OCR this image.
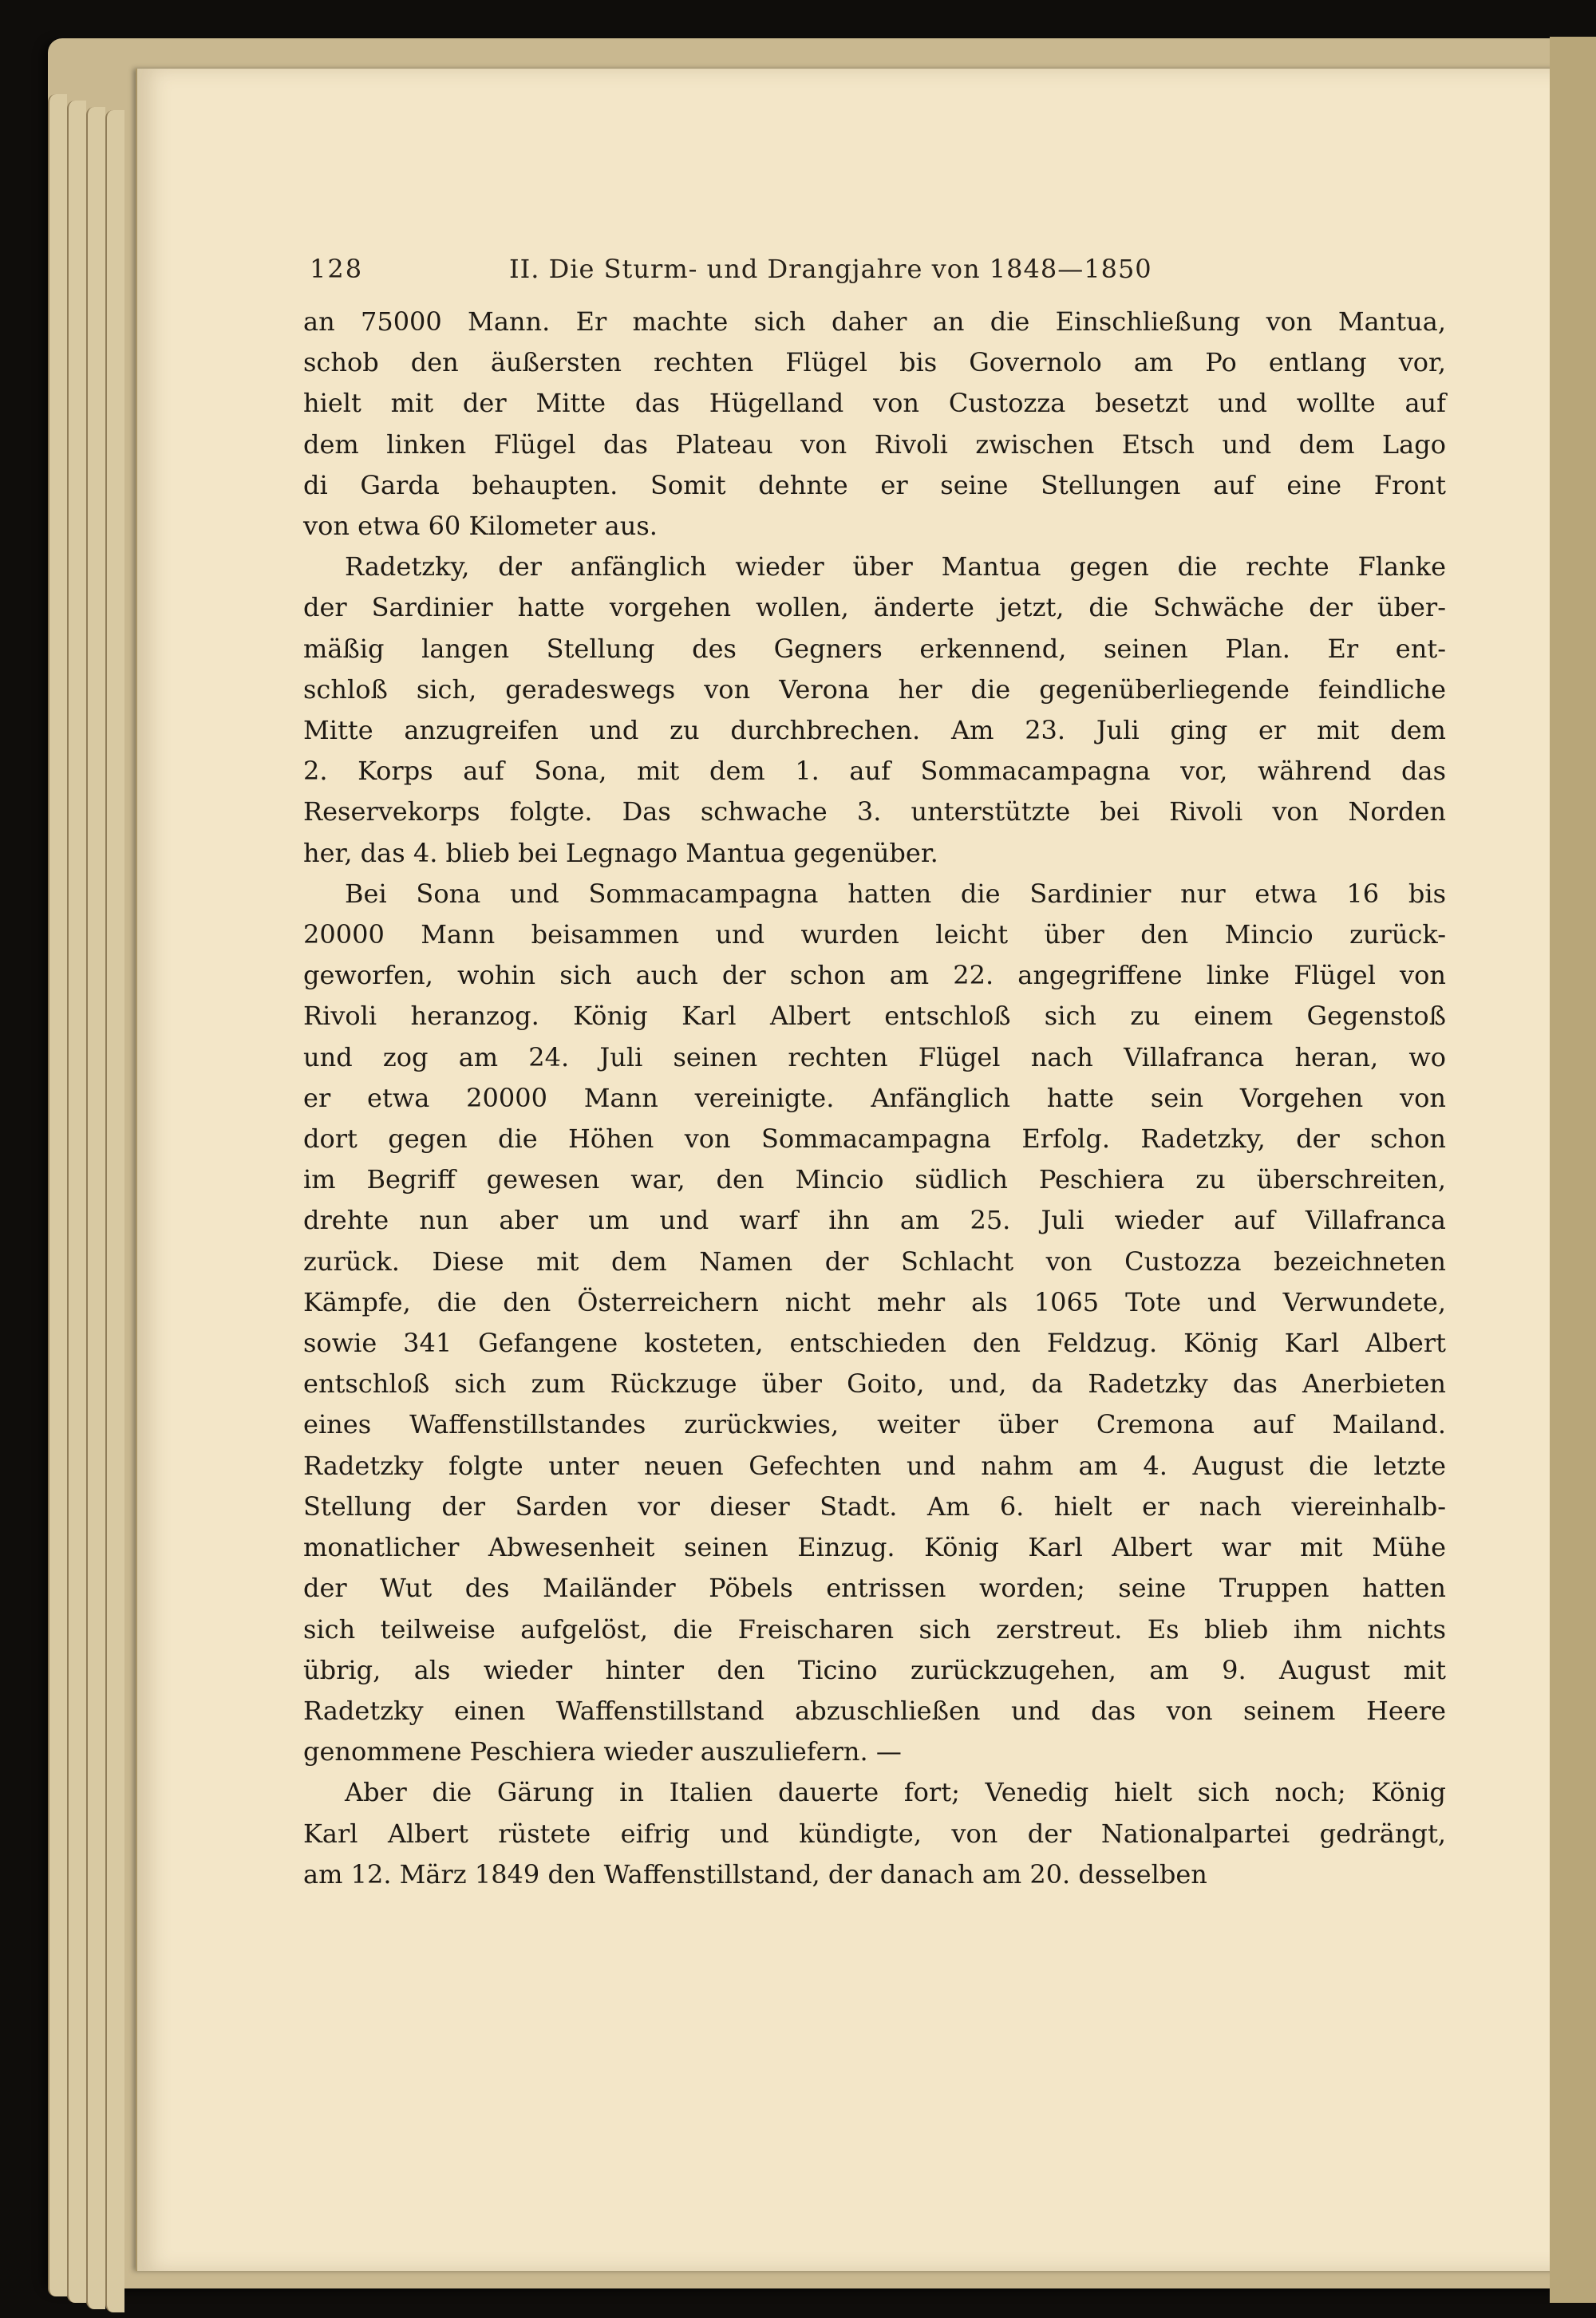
128	II. Die Sturm- und Drangjahre von 1848—1850
an 75000 Mann. Er machte sich daher an die Einschließung von Mantua,
schob den äußersten rechten Flügel bis Governolo am Po entlang vor,
hielt mit der Mitte das Hügelland von Custozza besetzt und wollte auf
dem linken Flügel das Plateau von Rivoli zwischen Etsch und dem Lago
di Garda behaupten. Somit dehnte er seine Stellungen auf eine Front
von etwa 60 Kilometer aus.
Radetzky, der anfänglich wieder über Mantua gegen die rechte Flanke
der Sardinier hatte vorgehen wollen, änderte jetzt, die Schwäche der über-
mäßig langen Stellung des Gegners erkennend, seinen Plan. Er ent-
schloß sich, geradeswegs von Verona her die gegenüberliegende feindliche
Mitte anzugreifen und zu durchbrechen. Am 23. Juli ging er mit dem
2. Korps auf Sona, mit dem 1. auf Sommacampagna vor, während das
Reservekorps folgte. Das schwache 3. unterstützte bei Rivoli von Norden
her, das 4. blieb bei Legnago Mantua gegenüber.
Bei Sona und Sommacampagna hatten die Sardinier nur etwa 16 bis
20000 Mann beisammen und wurden leicht über den Mincio zurück-
geworfen, wohin sich auch der schon am 22. angegriffene linke Flügel von
Rivoli heranzog. König Karl Albert entschloß sich zu einem Gegenstoß
und zog am 24. Juli seinen rechten Flügel nach Villafranca heran, wo
er etwa 20000 Mann vereinigte. Anfänglich hatte sein Vorgehen von
dort gegen die Höhen von Sommacampagna Erfolg. Radetzky, der schon
im Begriff gewesen war, den Mincio südlich Peschiera zu überschreiten,
drehte nun aber um und warf ihn am 25. Juli wieder auf Villafranca
zurück. Diese mit dem Namen der Schlacht von Custozza bezeichneten
Kämpfe, die den Österreichern nicht mehr als 1065 Tote und Verwundete,
sowie 341 Gefangene kosteten, entschieden den Feldzug. König Karl Albert
entschloß sich zum Rückzuge über Goito, und, da Radetzky das Anerbieten
eines Waffenstillstandes zurückwies, weiter über Cremona auf Mailand.
Radetzky folgte unter neuen Gefechten und nahm am 4. August die letzte
Stellung der Sarden vor dieser Stadt. Am 6. hielt er nach viereinhalb-
monatlicher Abwesenheit seinen Einzug. König Karl Albert war mit Mühe
der Wut des Mailänder Pöbels entrissen worden; seine Truppen hatten
sich teilweise aufgelöst, die Freischaren sich zerstreut. Es blieb ihm nichts
übrig, als wieder hinter den Ticino zurückzugehen, am 9. August mit
Radetzky einen Waffenstillstand abzuschließen und das von seinem Heere
genommene Peschiera wieder auszuliefern. —
Aber die Gärung in Italien dauerte fort; Venedig hielt sich noch; König
Karl Albert rüstete eifrig und kündigte, von der Nationalpartei gedrängt,
am 12. März 1849 den Waffenstillstand, der danach am 20. desselben
